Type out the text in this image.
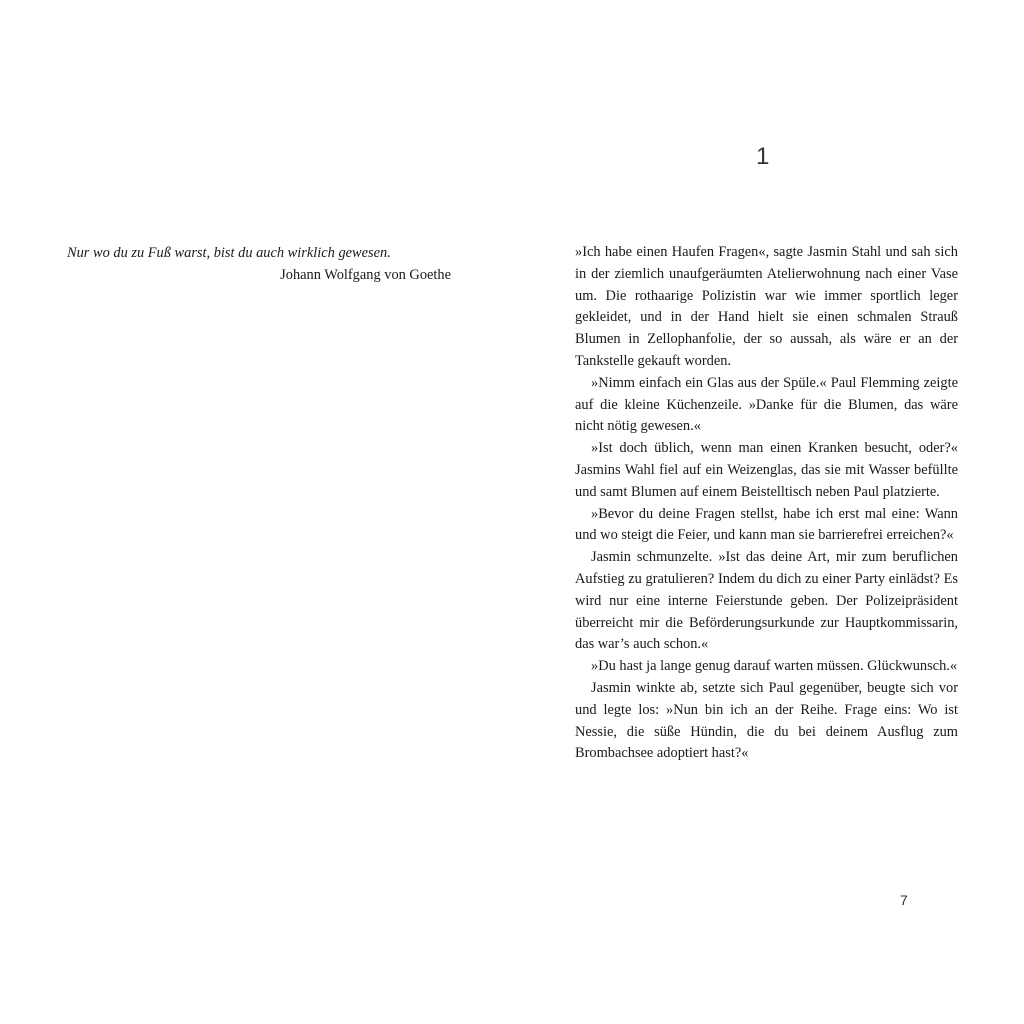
Nur wo du zu Fuß warst, bist du auch wirklich gewesen.
Johann Wolfgang von Goethe
1

»Ich habe einen Haufen Fragen«, sagte Jasmin Stahl und sah sich in der ziemlich unaufgeräumten Atelierwohnung nach einer Vase um. Die rothaarige Polizistin war wie immer sportlich leger gekleidet, und in der Hand hielt sie einen schmalen Strauß Blumen in Zellophanfolie, der so aussah, als wäre er an der Tankstelle gekauft worden.

»Nimm einfach ein Glas aus der Spüle.« Paul Flemming zeigte auf die kleine Küchenzeile. »Danke für die Blumen, das wäre nicht nötig gewesen.«

»Ist doch üblich, wenn man einen Kranken besucht, oder?« Jasmins Wahl fiel auf ein Weizenglas, das sie mit Wasser befüllte und samt Blumen auf einem Beistelltisch neben Paul platzierte.

»Bevor du deine Fragen stellst, habe ich erst mal eine: Wann und wo steigt die Feier, und kann man sie barrierefrei erreichen?«

Jasmin schmunzelte. »Ist das deine Art, mir zum beruflichen Aufstieg zu gratulieren? Indem du dich zu einer Party einlädst? Es wird nur eine interne Feierstunde geben. Der Polizeipräsident überreicht mir die Beförderungsurkunde zur Hauptkommissarin, das war’s auch schon.«

»Du hast ja lange genug darauf warten müssen. Glückwunsch.«

Jasmin winkte ab, setzte sich Paul gegenüber, beugte sich vor und legte los: »Nun bin ich an der Reihe. Frage eins: Wo ist Nessie, die süße Hündin, die du bei deinem Ausflug zum Brombachsee adoptiert hast?«

7
